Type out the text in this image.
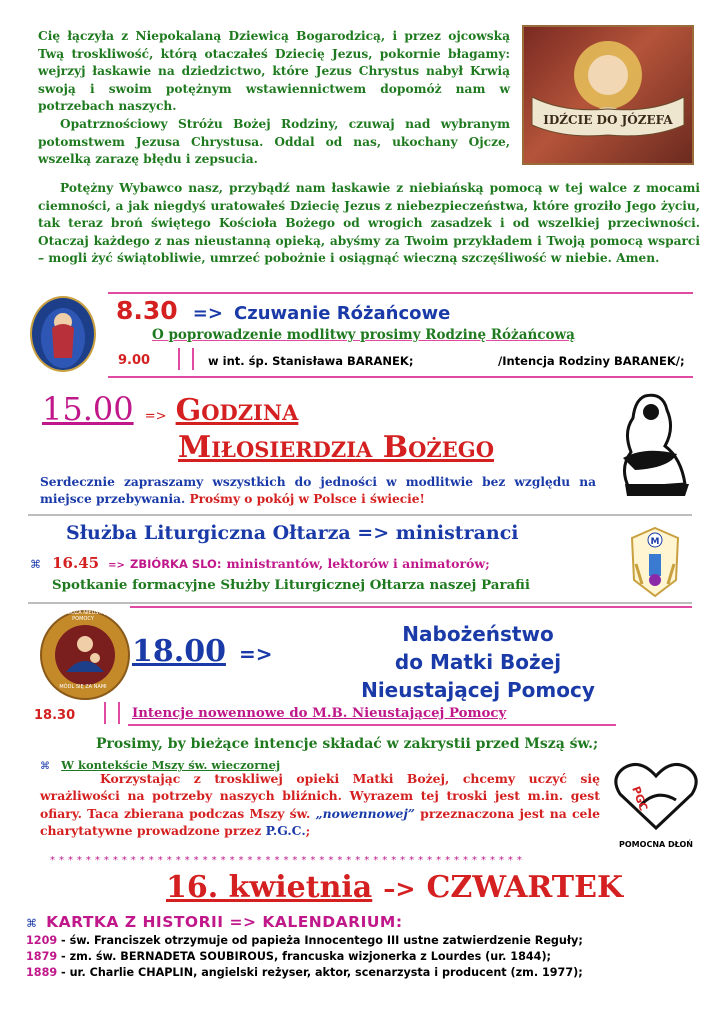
Cię łączyła z Niepokalaną Dziewicą Bogarodzicą, i przez ojcowską Twą troskliwość, którą otaczałeś Dziecię Jezus, pokornie błagamy: wejrzyj łaskawie na dziedzictwo, które Jezus Chrystus nabył Krwią swoją i swoim potężnym wstawiennictwem dopomóż nam w potrzebach naszych.
Opatrznościowy Stróżu Bożej Rodziny, czuwaj nad wybranym potomstwem Jezusa Chrystusa. Oddal od nas, ukochany Ojcze, wszelką zarazę błędu i zepsucia.

Potężny Wybawco nasz, przybądź nam łaskawie z niebiańską pomocą w tej walce z mocami ciemności, a jak niegdyś uratowałeś Dziecię Jezus z niebezpieczeństwa, które groziło Jego życiu, tak teraz broń świętego Kościoła Bożego od wrogich zasadzek i od wszelkiej przeciwności. Otaczaj każdego z nas nieustanną opieką, abyśmy za Twoim przykładem i Twoją pomocą wsparci – mogli żyć świątobliwie, umrzeć pobożnie i osiągnąć wieczną szczęśliwość w niebie. Amen.

IDŹCIE DO JÓZEFA
8.30 => Czuwanie Różańcowe
O poprowadzenie modlitwy prosimy Rodzinę Różańcową
9.00	w int. śp. Stanisława BARANEK;	/Intencja Rodziny BARANEK/;
15.00 => Godzina
Miłosierdzia Bożego

Serdecznie zapraszamy wszystkich do jedności w modlitwie bez względu na miejsce przebywania. Prośmy o pokój w Polsce i świecie!

Służba Liturgiczna Ołtarza => ministranci
⌘ 16.45 => ZBIÓRKA SLO: ministrantów, lektorów i animatorów;
Spotkanie formacyjne Służby Liturgicznej Ołtarza naszej Parafii
M
MATKO BOŻA NIEUSTAJĄCEJ POMOCY
MÓDL SIĘ ZA NAMI
18.00 =>
Nabożeństwo
do Matki Bożej
Nieustającej Pomocy
18.30	Intencje nowennowe do M.B. Nieustającej Pomocy
Prosimy, by bieżące intencje składać w zakrystii przed Mszą św.;
⌘ W kontekście Mszy św. wieczornej

Korzystając z troskliwej opieki Matki Bożej, chcemy uczyć się wrażliwości na potrzeby naszych bliźnich. Wyrazem tej troski jest m.in. gest ofiary. Taca zbierana podczas Mszy św. „nowennowej” przeznaczona jest na cele charytatywne prowadzone przez P.G.C.;

PGC
POMOCNA DŁOŃ
* * * * * * * * * * * * * * * * * * * * * * * * * * * * * * * * * * * * * * * * * * * * * * * * * * * * *
16. kwietnia –> CZWARTEK
⌘ KARTKA Z HISTORII => KALENDARIUM:
1209 - św. Franciszek otrzymuje od papieża Innocentego III ustne zatwierdzenie Reguły;
1879 - zm. św. BERNADETA SOUBIROUS, francuska wizjonerka z Lourdes (ur. 1844);
1889 - ur. Charlie CHAPLIN, angielski reżyser, aktor, scenarzysta i producent (zm. 1977);
